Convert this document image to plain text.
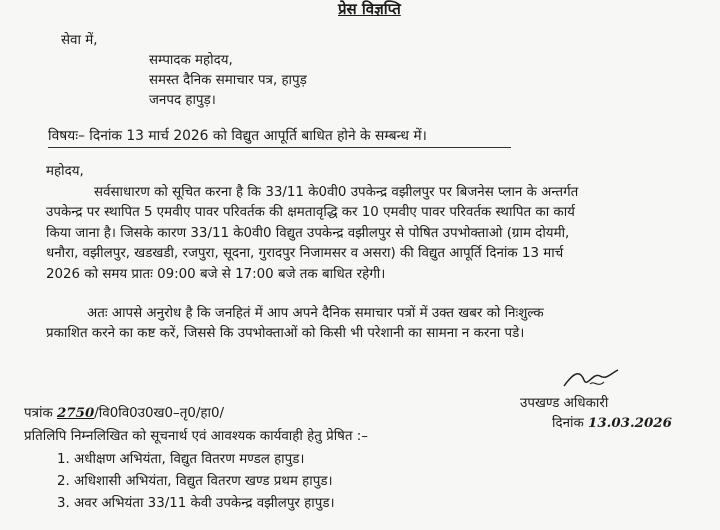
प्रेस विज्ञप्ति
सेवा में,
सम्पादक महोदय,
समस्त दैनिक समाचार पत्र, हापुड़
जनपद हापुड़।
विषयः– दिनांक 13 मार्च 2026 को विद्युत आपूर्ति बाधित होने के सम्बन्ध में।
महोदय,
सर्वसाधारण को सूचित करना है कि 33/11 के0वी0 उपकेन्द्र वझीलपुर पर बिजनेस प्लान के अन्तर्गत
उपकेन्द्र पर स्थापित 5 एमवीए पावर परिवर्तक की क्षमतावृद्धि कर 10 एमवीए पावर परिवर्तक स्थापित का कार्य
किया जाना है। जिसके कारण 33/11 के0वी0 विद्युत उपकेन्द्र वझीलपुर से पोषित उपभोक्ताओ (ग्राम दोयमी,
धनौरा, वझीलपुर, खडखडी, रजपुरा, सूदना, गुरादपुर निजामसर व असरा) की विद्युत आपूर्ति दिनांक 13 मार्च
2026 को समय प्रातः 09:00 बजे से 17:00 बजे तक बाधित रहेगी।
अतः आपसे अनुरोध है कि जनहितं में आप अपने दैनिक समाचार पत्रों में उक्त खबर को निःशुल्क
प्रकाशित करने का कष्ट करें, जिससे कि उपभोक्ताओं को किसी भी परेशानी का सामना न करना पडे।
उपखण्ड अधिकारी
दिनांक 13.03.2026
पत्रांक 2750/वि0वि0उ0ख0–तृ0/हा0/
प्रतिलिपि निम्नलिखित को सूचनार्थ एवं आवश्यक कार्यवाही हेतु प्रेषित :–
1. अधीक्षण अभियंता, विद्युत वितरण मण्डल हापुड।
2. अधिशासी अभियंता, विद्युत वितरण खण्ड प्रथम हापुड।
3. अवर अभियंता 33/11 केवी उपकेन्द्र वझीलपुर हापुड।
